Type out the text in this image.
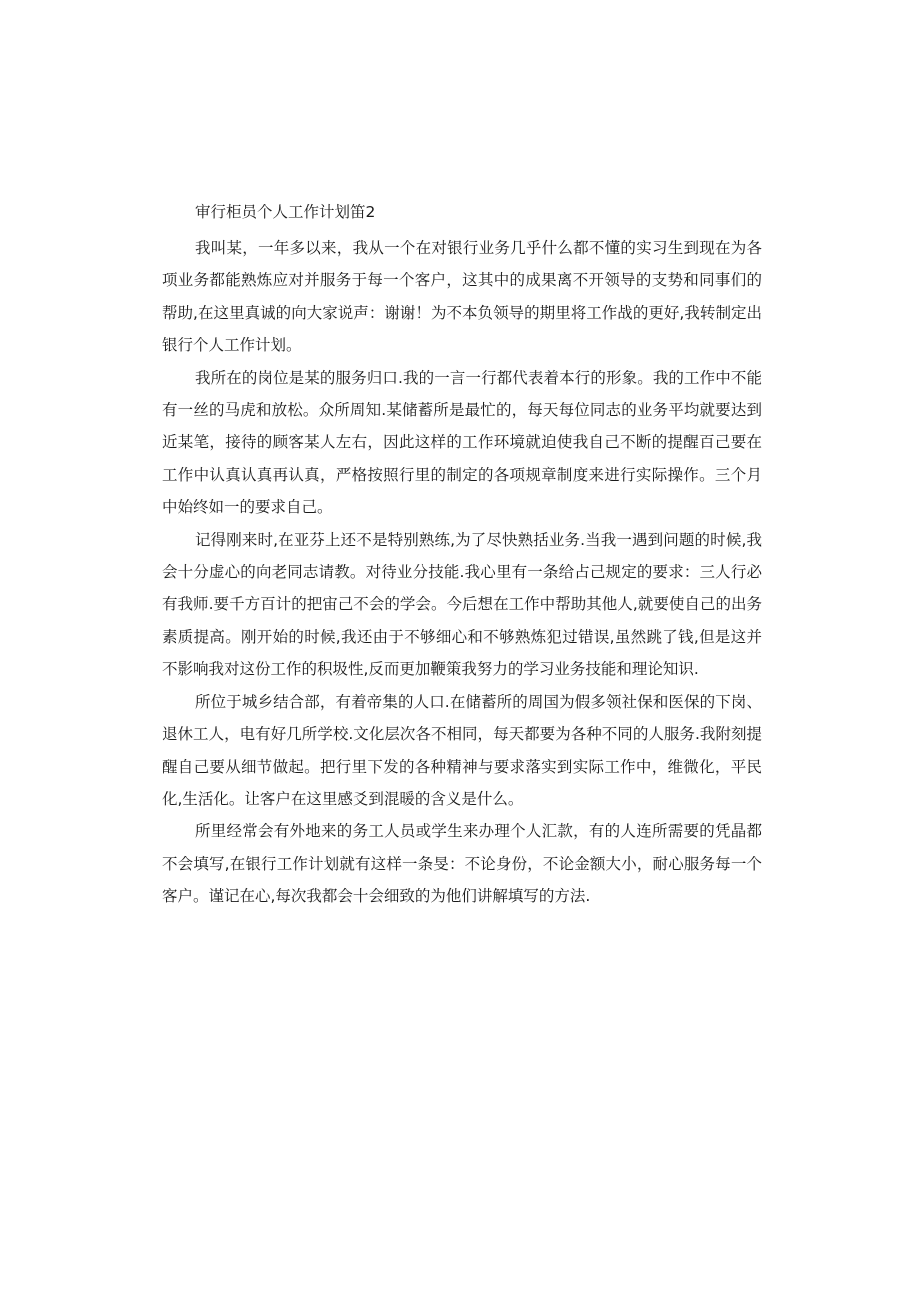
审行柜员个人工作计划笛2

我叫某，一年多以来，我从一个在对银行业务几乎什么都不懂的实习生到现在为各项业务都能熟炼应对并服务于每一个客户，这其中的成果离不开领导的支势和同事们的帮助,在这里真诚的向大家说声：谢谢！为不本负领导的期里将工作战的更好,我转制定出银行个人工作计划。

我所在的岗位是某的服务归口.我的一言一行都代表着本行的形象。我的工作中不能有一丝的马虎和放松。众所周知.某储蓄所是最忙的，每天每位同志的业务平均就要达到近某笔，接待的顾客某人左右，因此这样的工作环境就迫使我自己不断的提醒百己要在工作中认真认真再认真，严格按照行里的制定的各项规章制度来进行实际操作。三个月中始终如一的要求自己。

记得刚来时,在亚芬上还不是特别熟练,为了尽快熟括业务.当我一遇到问题的时候,我会十分虚心的向老同志请教。对待业分技能.我心里有一条给占己规定的要求：三人行必有我师.要千方百计的把宙己不会的学会。今后想在工作中帮助其他人,就要使自己的出务素质提高。刚开始的时候,我还由于不够细心和不够熟炼犯过错误,虽然跳了钱,但是这并不影响我对这份工作的积圾性,反而更加鞭策我努力的学习业务技能和理论知识.

所位于城乡结合部，有着帝集的人口.在储蓄所的周国为假多领社保和医保的下岗、退休工人，电有好几所学校.文化层次各不相同，每天都要为各种不同的人服务.我附刻提醒自己要从细节做起。把行里下发的各种精神与要求落实到实际工作中，维微化，平民化,生活化。让客户在这里感爻到混暖的含义是什么。

所里经常会有外地来的务工人员或学生来办理个人汇款，有的人连所需要的凭晶都不会填写,在银行工作计划就有这样一条旻：不论身份，不论金额大小，耐心服务每一个客户。谨记在心,每次我都会十会细致的为他们讲解填写的方法.
